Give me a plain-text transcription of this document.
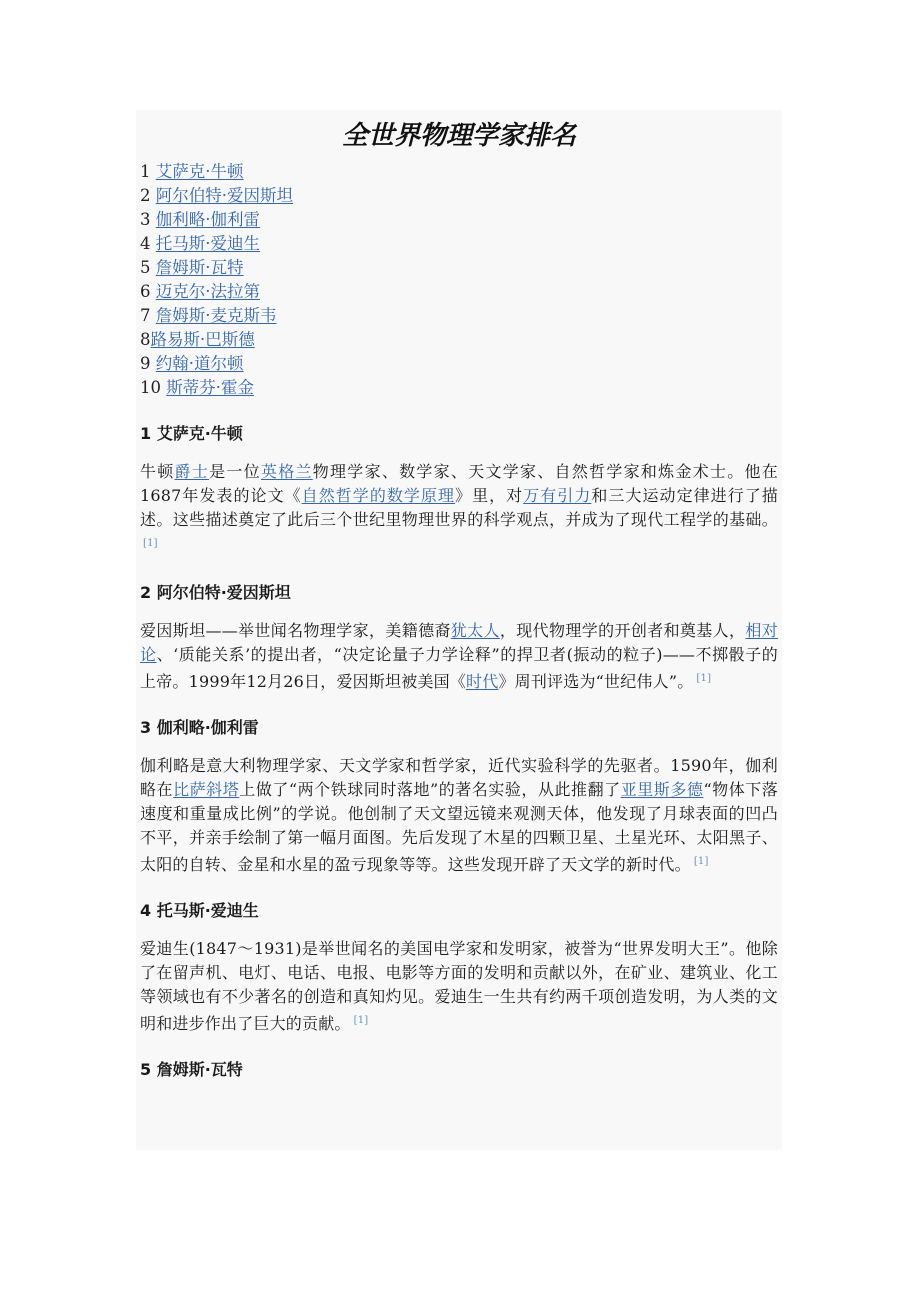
全世界物理学家排名
1 艾萨克·牛顿
2 阿尔伯特·爱因斯坦
3 伽利略·伽利雷
4 托马斯·爱迪生
5 詹姆斯·瓦特
6 迈克尔·法拉第
7 詹姆斯·麦克斯韦
8路易斯·巴斯德
9 约翰·道尔顿
10 斯蒂芬·霍金
1 艾萨克·牛顿

牛顿爵士是一位英格兰物理学家、数学家、天文学家、自然哲学家和炼金术士。他在1687年发表的论文《自然哲学的数学原理》里，对万有引力和三大运动定律进行了描述。这些描述奠定了此后三个世纪里物理世界的科学观点，并成为了现代工程学的基础。[1]

2 阿尔伯特·爱因斯坦

爱因斯坦——举世闻名物理学家，美籍德裔犹太人，现代物理学的开创者和奠基人，相对论、‘质能关系’的提出者，“决定论量子力学诠释”的捍卫者(振动的粒子)——不掷骰子的上帝。1999年12月26日，爱因斯坦被美国《时代》周刊评选为“世纪伟人”。 [1]

3 伽利略·伽利雷

伽利略是意大利物理学家、天文学家和哲学家，近代实验科学的先驱者。1590年，伽利略在比萨斜塔上做了“两个铁球同时落地”的著名实验，从此推翻了亚里斯多德“物体下落速度和重量成比例”的学说。他创制了天文望远镜来观测天体，他发现了月球表面的凹凸不平，并亲手绘制了第一幅月面图。先后发现了木星的四颗卫星、土星光环、太阳黑子、太阳的自转、金星和水星的盈亏现象等等。这些发现开辟了天文学的新时代。 [1]

4 托马斯·爱迪生

爱迪生(1847～1931)是举世闻名的美国电学家和发明家，被誉为“世界发明大王”。他除了在留声机、电灯、电话、电报、电影等方面的发明和贡献以外，在矿业、建筑业、化工等领域也有不少著名的创造和真知灼见。爱迪生一生共有约两千项创造发明，为人类的文明和进步作出了巨大的贡献。 [1]

5 詹姆斯·瓦特
